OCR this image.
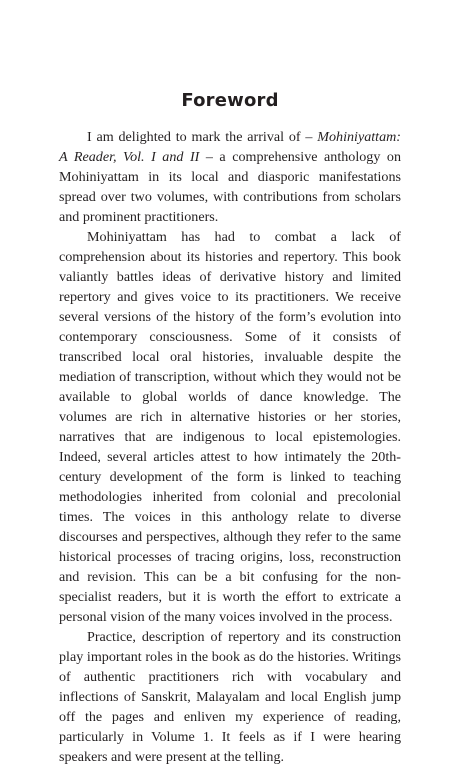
Foreword

I am delighted to mark the arrival of – Mohiniyattam: A Reader, Vol. I and II – a comprehensive anthology on Mohiniyattam in its local and diasporic manifestations spread over two volumes, with contributions from scholars and prominent practitioners.

Mohiniyattam has had to combat a lack of comprehension about its histories and repertory. This book valiantly battles ideas of derivative history and limited repertory and gives voice to its practitioners. We receive several versions of the history of the form’s evolution into contemporary consciousness. Some of it consists of transcribed local oral histories, invaluable despite the mediation of transcription, without which they would not be available to global worlds of dance knowledge. The volumes are rich in alternative histories or her stories, narratives that are indigenous to local epistemologies. Indeed, several articles attest to how intimately the 20th-century development of the form is linked to teaching methodologies inherited from colonial and precolonial times. The voices in this anthology relate to diverse discourses and perspectives, although they refer to the same historical processes of tracing origins, loss, reconstruction and revision. This can be a bit confusing for the non-specialist readers, but it is worth the effort to extricate a personal vision of the many voices involved in the process.

Practice, description of repertory and its construction play important roles in the book as do the histories. Writings of authentic practitioners rich with vocabulary and inflections of Sanskrit, Malayalam and local English jump off the pages and enliven my experience of reading, particularly in Volume 1. It feels as if I were hearing speakers and were present at the telling.
